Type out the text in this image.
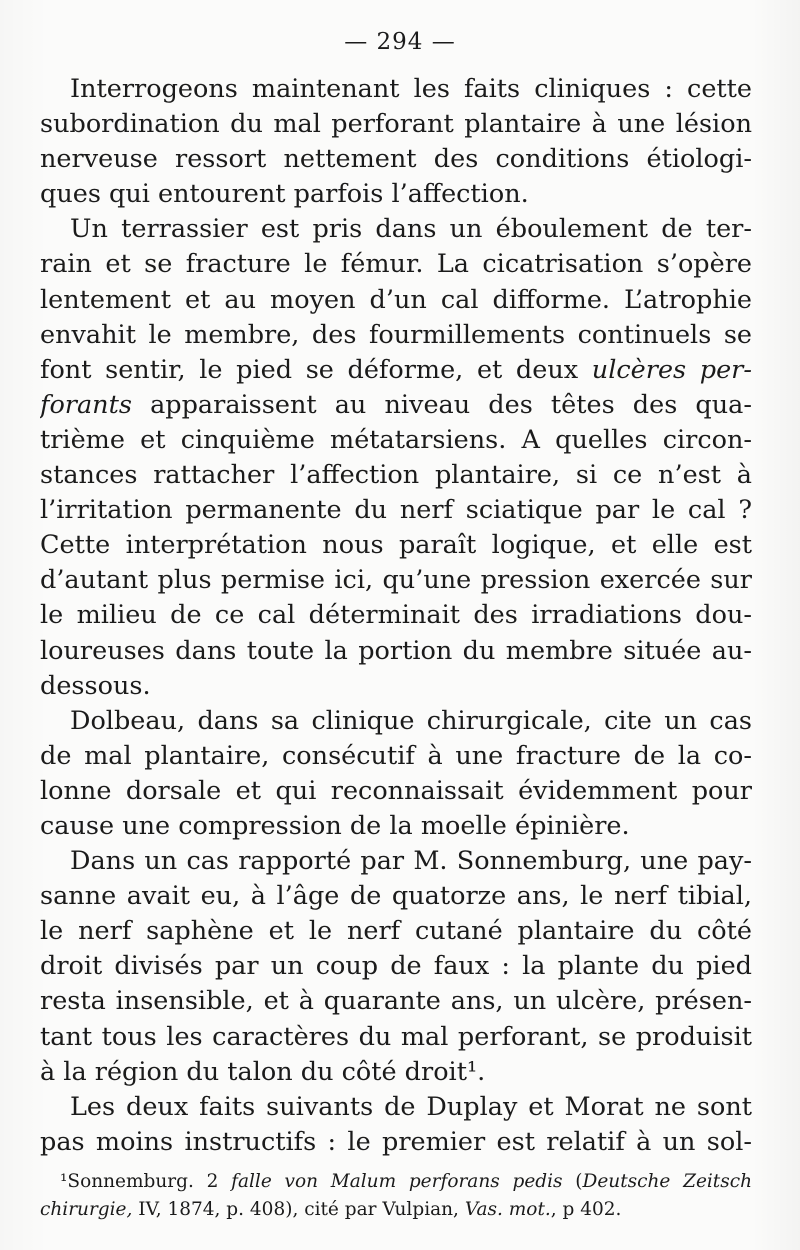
— 294 —
Interrogeons maintenant les faits cliniques : cette
subordination du mal perforant plantaire à une lésion
nerveuse ressort nettement des conditions étiologi-
ques qui entourent parfois l’affection.
Un terrassier est pris dans un éboulement de ter-
rain et se fracture le fémur. La cicatrisation s’opère
lentement et au moyen d’un cal difforme. L’atrophie
envahit le membre, des fourmillements continuels se
font sentir, le pied se déforme, et deux ulcères per-
forants apparaissent au niveau des têtes des qua-
trième et cinquième métatarsiens. A quelles circon-
stances rattacher l’affection plantaire, si ce n’est à
l’irritation permanente du nerf sciatique par le cal ?
Cette interprétation nous paraît logique, et elle est
d’autant plus permise ici, qu’une pression exercée sur
le milieu de ce cal déterminait des irradiations dou-
loureuses dans toute la portion du membre située au-
dessous.
Dolbeau, dans sa clinique chirurgicale, cite un cas
de mal plantaire, consécutif à une fracture de la co-
lonne dorsale et qui reconnaissait évidemment pour
cause une compression de la moelle épinière.
Dans un cas rapporté par M. Sonnemburg, une pay-
sanne avait eu, à l’âge de quatorze ans, le nerf tibial,
le nerf saphène et le nerf cutané plantaire du côté
droit divisés par un coup de faux : la plante du pied
resta insensible, et à quarante ans, un ulcère, présen-
tant tous les caractères du mal perforant, se produisit
à la région du talon du côté droit¹.
Les deux faits suivants de Duplay et Morat ne sont
pas moins instructifs : le premier est relatif à un sol-
¹Sonnemburg. 2 falle von Malum perforans pedis (Deutsche Zeitsch
chirurgie, IV, 1874, p. 408), cité par Vulpian, Vas. mot., p 402.
